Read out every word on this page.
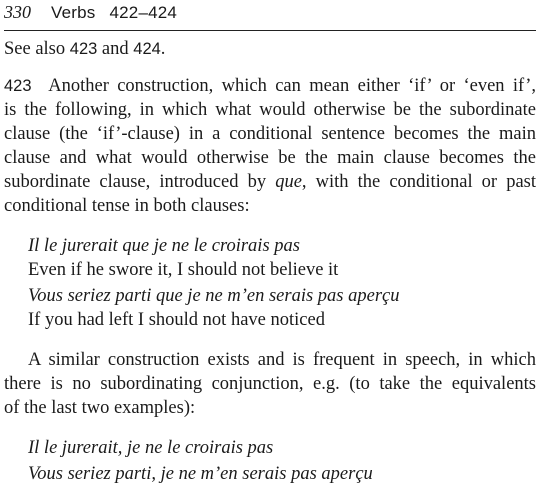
330 Verbs 422–424
See also 423 and 424.
423 Another construction, which can mean either ‘if’ or ‘even if’,
is the following, in which what would otherwise be the subordinate
clause (the ‘if’-clause) in a conditional sentence becomes the main
clause and what would otherwise be the main clause becomes the
subordinate clause, introduced by que, with the conditional or past
conditional tense in both clauses:
Il le jurerait que je ne le croirais pas
Even if he swore it, I should not believe it
Vous seriez parti que je ne m’en serais pas aperçu
If you had left I should not have noticed
A similar construction exists and is frequent in speech, in which
there is no subordinating conjunction, e.g. (to take the equivalents
of the last two examples):
Il le jurerait, je ne le croirais pas
Vous seriez parti, je ne m’en serais pas aperçu
